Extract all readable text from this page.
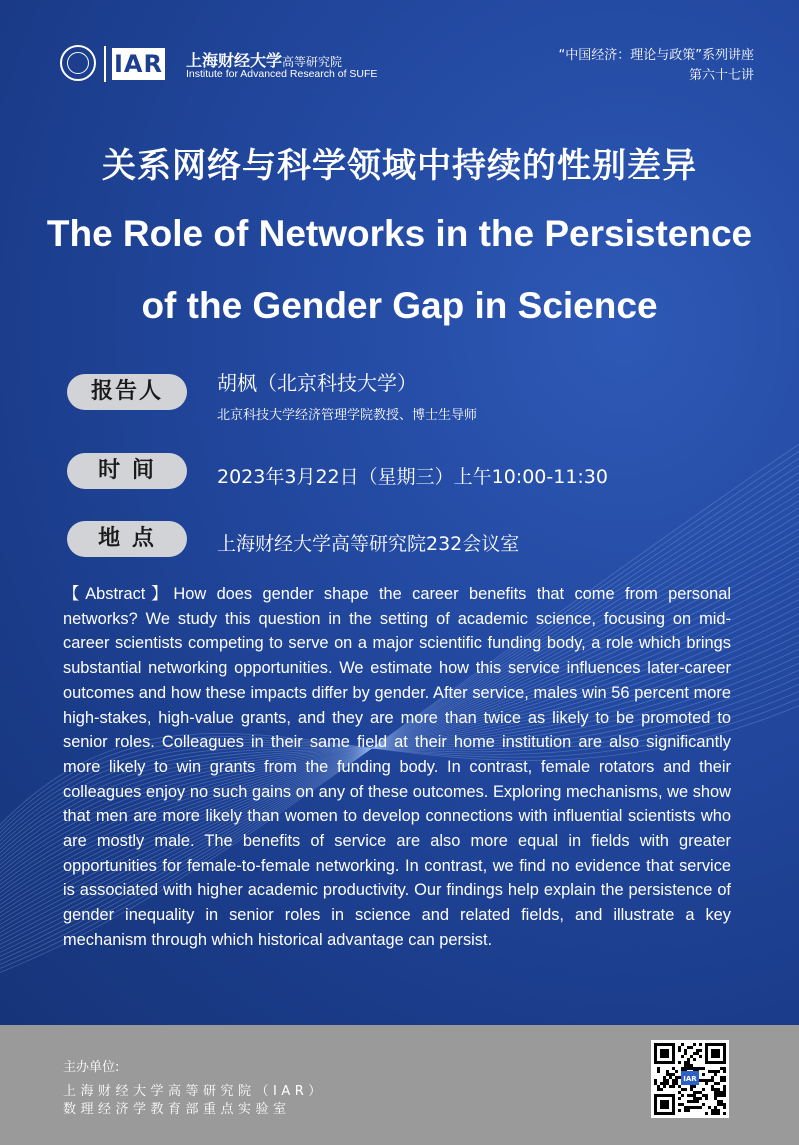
IAR 上海财经大学高等研究院
Institute for Advanced Research of SUFE
“中国经济：理论与政策”系列讲座
第六十七讲
关系网络与科学领域中持续的性别差异
The Role of Networks in the Persistence
of the Gender Gap in Science
报告人	胡枫（北京科技大学）
北京科技大学经济管理学院教授、博士生导师
时 间	2023年3月22日（星期三）上午10:00-11:30
地 点	上海财经大学高等研究院232会议室
【Abstract】How does gender shape the career benefits that come from personal networks? We study this question in the setting of academic science, focusing on mid-career scientists competing to serve on a major scientific funding body, a role which brings substantial networking opportunities. We estimate how this service influences later-career outcomes and how these impacts differ by gender. After service, males win 56 percent more high-stakes, high-value grants, and they are more than twice as likely to be promoted to senior roles. Colleagues in their same field at their home institution are also significantly more likely to win grants from the funding body. In contrast, female rotators and their colleagues enjoy no such gains on any of these outcomes. Exploring mechanisms, we show that men are more likely than women to develop connections with influential scientists who are mostly male. The benefits of service are also more equal in fields with greater opportunities for female-to-female networking. In contrast, we find no evidence that service is associated with higher academic productivity. Our findings help explain the persistence of gender inequality in senior roles in science and related fields, and illustrate a key mechanism through which historical advantage can persist.
主办单位:
上海财经大学高等研究院（IAR）
数理经济学教育部重点实验室
IAR
